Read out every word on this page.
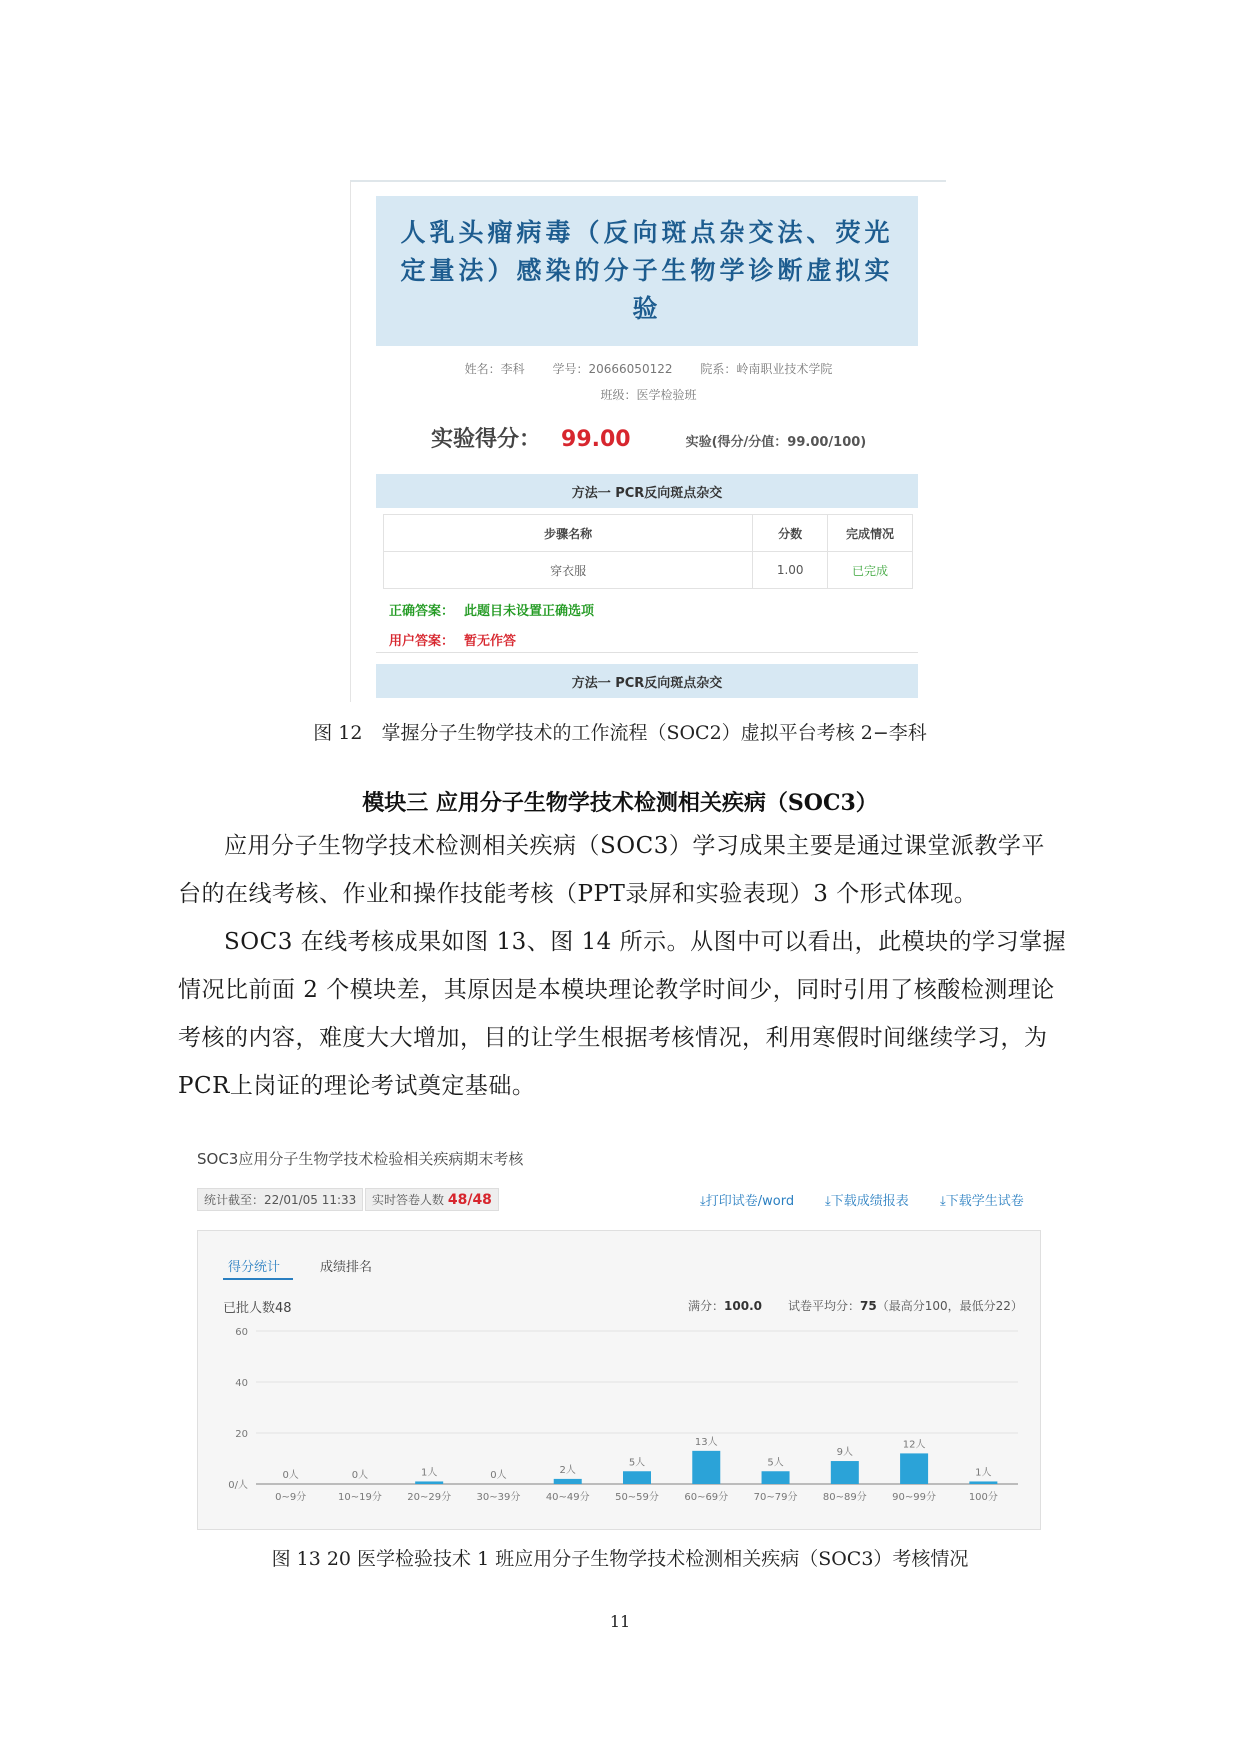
人乳头瘤病毒（反向斑点杂交法、荧光定量法）感染的分子生物学诊断虚拟实验
姓名：李科 学号：20666050122 院系：岭南职业技术学院
班级：医学检验班
实验得分： 99.00	实验(得分/分值：99.00/100)
方法一 PCR反向斑点杂交
步骤名称	分数	完成情况
穿衣服	1.00	已完成
正确答案： 此题目未设置正确选项
用户答案： 暂无作答
方法一 PCR反向斑点杂交
图 12　掌握分子生物学技术的工作流程（SOC2）虚拟平台考核 2−李科
模块三 应用分子生物学技术检测相关疾病（SOC3）

应用分子生物学技术检测相关疾病（SOC3）学习成果主要是通过课堂派教学平台的在线考核、作业和操作技能考核（PPT录屏和实验表现）3 个形式体现。

SOC3 在线考核成果如图 13、图 14 所示。从图中可以看出，此模块的学习掌握情况比前面 2 个模块差，其原因是本模块理论教学时间少，同时引用了核酸检测理论考核的内容，难度大大增加，目的让学生根据考核情况，利用寒假时间继续学习，为PCR上岗证的理论考试奠定基础。

SOC3应用分子生物学技术检验相关疾病期末考核
统计截至：22/01/05 11:33	实时答卷人数 48/48	⤓打印试卷/word ⤓下载成绩报表 ⤓下载学生试卷
得分统计	成绩排名
已批人数48	满分：100.0 试卷平均分：75（最高分100，最低分22）
0/人
20
40
60
0人
0~9分
0人
10~19分
1人
20~29分
0人
30~39分
2人
40~49分
5人
50~59分
13人
60~69分
5人
70~79分
9人
80~89分
12人
90~99分
1人
100分
图 13 20 医学检验技术 1 班应用分子生物学技术检测相关疾病（SOC3）考核情况
11
